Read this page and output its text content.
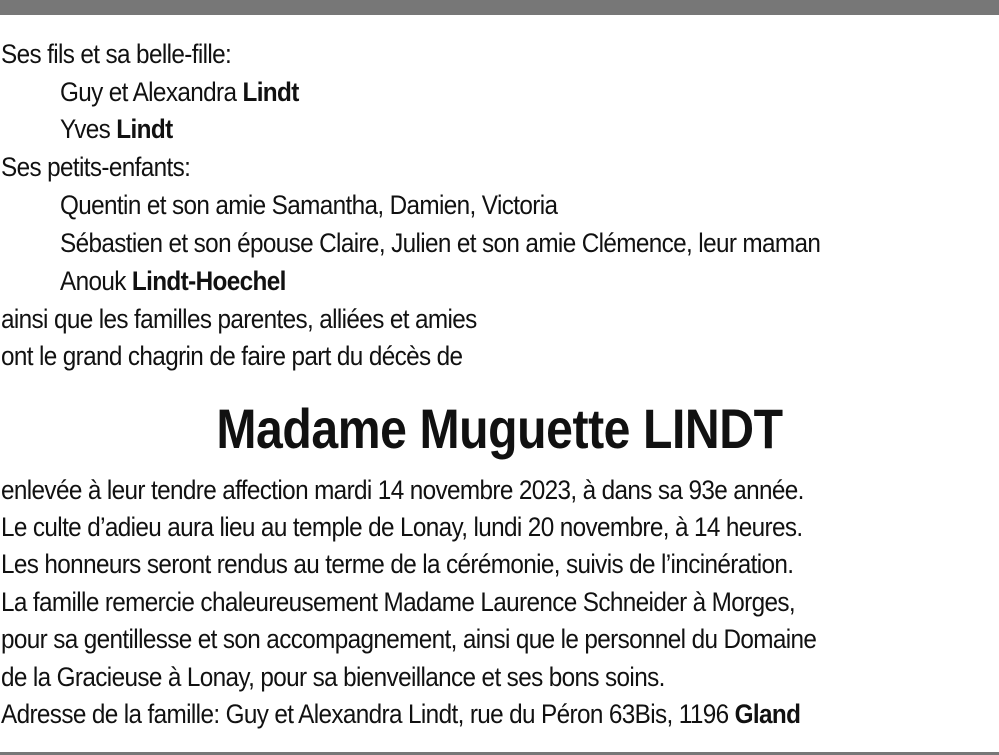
Ses fils et sa belle-fille:
Guy et Alexandra Lindt
Yves Lindt
Ses petits-enfants:
Quentin et son amie Samantha, Damien, Victoria
Sébastien et son épouse Claire, Julien et son amie Clémence, leur maman
Anouk Lindt-Hoechel
ainsi que les familles parentes, alliées et amies
ont le grand chagrin de faire part du décès de
Madame Muguette LINDT
enlevée à leur tendre affection mardi 14 novembre 2023, à dans sa 93e année.
Le culte d’adieu aura lieu au temple de Lonay, lundi 20 novembre, à 14 heures.
Les honneurs seront rendus au terme de la cérémonie, suivis de l’incinération.
La famille remercie chaleureusement Madame Laurence Schneider à Morges,
pour sa gentillesse et son accompagnement, ainsi que le personnel du Domaine
de la Gracieuse à Lonay, pour sa bienveillance et ses bons soins.
Adresse de la famille: Guy et Alexandra Lindt, rue du Péron 63Bis, 1196 Gland
